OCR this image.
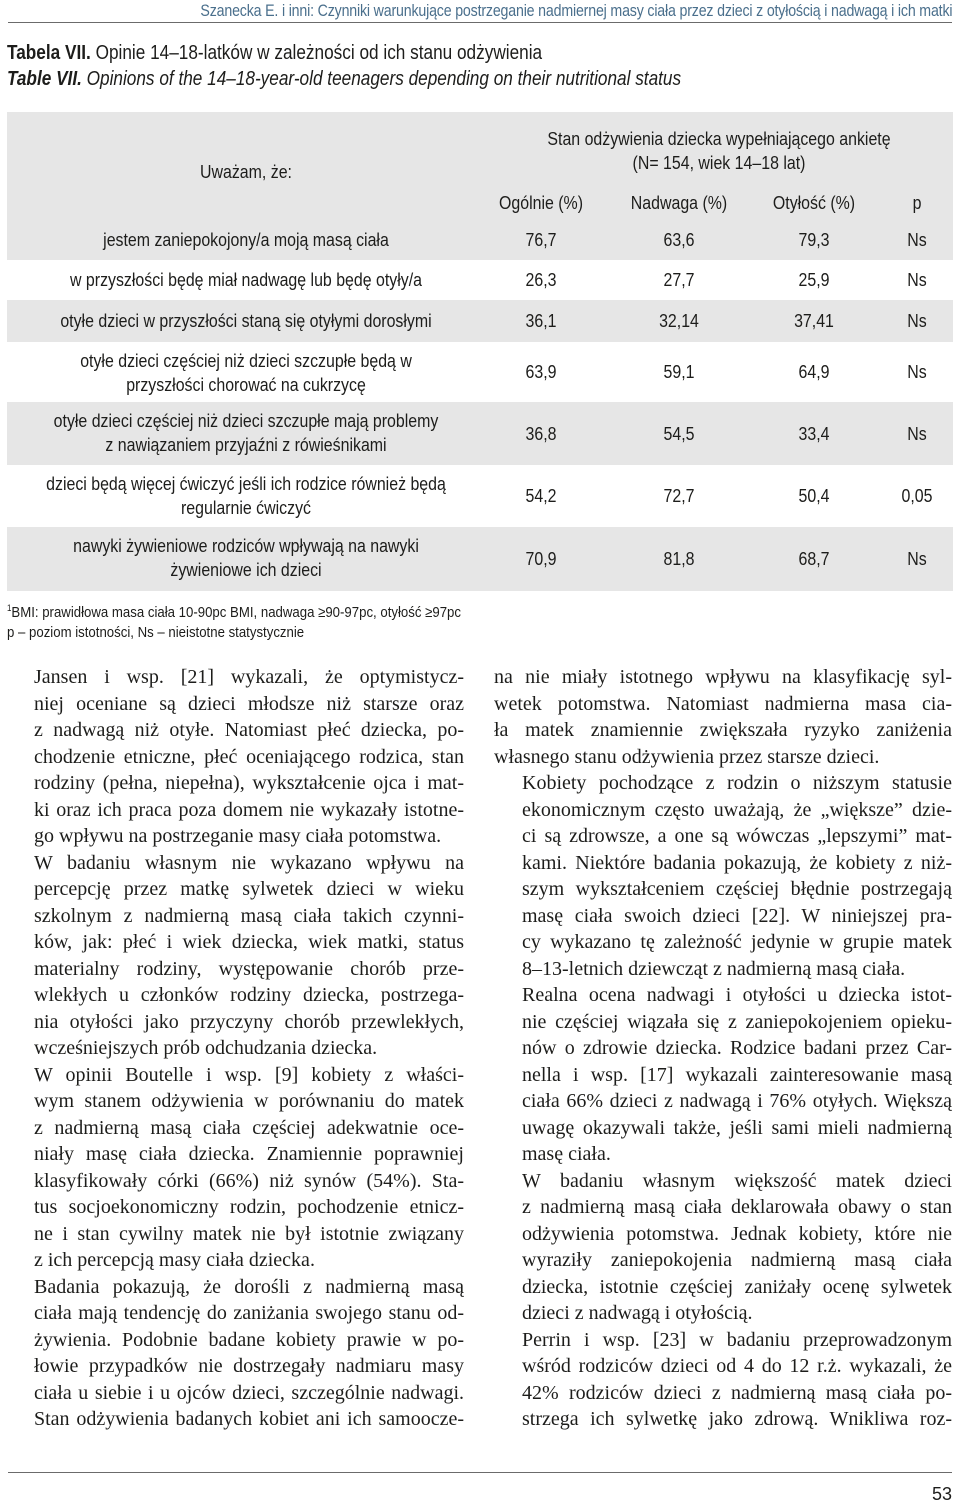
Szanecka E. i inni: Czynniki warunkujące postrzeganie nadmiernej masy ciała przez dzieci z otyłością i nadwagą i ich matki
Tabela VII. Opinie 14–18-latków w zależności od ich stanu odżywienia
Table VII. Opinions of the 14–18-year-old teenagers depending on their nutritional status
Uważam, że:
Stan odżywienia dziecka wypełniającego ankietę
(N= 154, wiek 14–18 lat)
Ogólnie (%)	Nadwaga (%)	Otyłość (%)	p
jestem zaniepokojony/a moją masą ciała	76,7	63,6	79,3	Ns
w przyszłości będę miał nadwagę lub będę otyły/a	26,3	27,7	25,9	Ns
otyłe dzieci w przyszłości staną się otyłymi dorosłymi	36,1	32,14	37,41	Ns
otyłe dzieci częściej niż dzieci szczupłe będą w
przyszłości chorować na cukrzycę
63,9	59,1	64,9	Ns
otyłe dzieci częściej niż dzieci szczupłe mają problemy
z nawiązaniem przyjaźni z rówieśnikami
36,8	54,5	33,4	Ns
dzieci będą więcej ćwiczyć jeśli ich rodzice również będą
regularnie ćwiczyć
54,2	72,7	50,4	0,05
nawyki żywieniowe rodziców wpływają na nawyki
żywieniowe ich dzieci
70,9	81,8	68,7	Ns
$^1$BMI: prawidłowa masa ciała 10-90pc BMI, nadwaga ≥90-97pc, otyłość ≥97pc
p – poziom istotności, Ns – nieistotne statystycznie

Jansen i wsp. [21] wykazali, że optymistycz-
niej oceniane są dzieci młodsze niż starsze oraz
z nadwagą niż otyłe. Natomiast płeć dziecka, po-
chodzenie etniczne, płeć oceniającego rodzica, stan
rodziny (pełna, niepełna), wykształcenie ojca i mat-
ki oraz ich praca poza domem nie wykazały istotne-
go wpływu na postrzeganie masy ciała potomstwa.

W badaniu własnym nie wykazano wpływu na
percepcję przez matkę sylwetek dzieci w wieku
szkolnym z nadmierną masą ciała takich czynni-
ków, jak: płeć i wiek dziecka, wiek matki, status
materialny rodziny, występowanie chorób prze-
wlekłych u członków rodziny dziecka, postrzega-
nia otyłości jako przyczyny chorób przewlekłych,
wcześniejszych prób odchudzania dziecka.

W opinii Boutelle i wsp. [9] kobiety z właści-
wym stanem odżywienia w porównaniu do matek
z nadmierną masą ciała częściej adekwatnie oce-
niały masę ciała dziecka. Znamiennie poprawniej
klasyfikowały córki (66%) niż synów (54%). Sta-
tus socjoekonomiczny rodzin, pochodzenie etnicz-
ne i stan cywilny matek nie był istotnie związany
z ich percepcją masy ciała dziecka.

Badania pokazują, że dorośli z nadmierną masą
ciała mają tendencję do zaniżania swojego stanu od-
żywienia. Podobnie badane kobiety prawie w po-
łowie przypadków nie dostrzegały nadmiaru masy
ciała u siebie i u ojców dzieci, szczególnie nadwagi.
Stan odżywienia badanych kobiet ani ich samoocze-

na nie miały istotnego wpływu na klasyfikację syl-
wetek potomstwa. Natomiast nadmierna masa cia-
ła matek znamiennie zwiększała ryzyko zaniżenia
własnego stanu odżywienia przez starsze dzieci.

Kobiety pochodzące z rodzin o niższym statusie
ekonomicznym często uważają, że „większe” dzie-
ci są zdrowsze, a one są wówczas „lepszymi” mat-
kami. Niektóre badania pokazują, że kobiety z niż-
szym wykształceniem częściej błędnie postrzegają
masę ciała swoich dzieci [22]. W niniejszej pra-
cy wykazano tę zależność jedynie w grupie matek
8–13-letnich dziewcząt z nadmierną masą ciała.

Realna ocena nadwagi i otyłości u dziecka istot-
nie częściej wiązała się z zaniepokojeniem opieku-
nów o zdrowie dziecka. Rodzice badani przez Car-
nella i wsp. [17] wykazali zainteresowanie masą
ciała 66% dzieci z nadwagą i 76% otyłych. Większą
uwagę okazywali także, jeśli sami mieli nadmierną
masę ciała.

W badaniu własnym większość matek dzieci
z nadmierną masą ciała deklarowała obawy o stan
odżywienia potomstwa. Jednak kobiety, które nie
wyraziły zaniepokojenia nadmierną masą ciała
dziecka, istotnie częściej zaniżały ocenę sylwetek
dzieci z nadwagą i otyłością.

Perrin i wsp. [23] w badaniu przeprowadzonym
wśród rodziców dzieci od 4 do 12 r.ż. wykazali, że
42% rodziców dzieci z nadmierną masą ciała po-
strzega ich sylwetkę jako zdrową. Wnikliwa roz-

53
